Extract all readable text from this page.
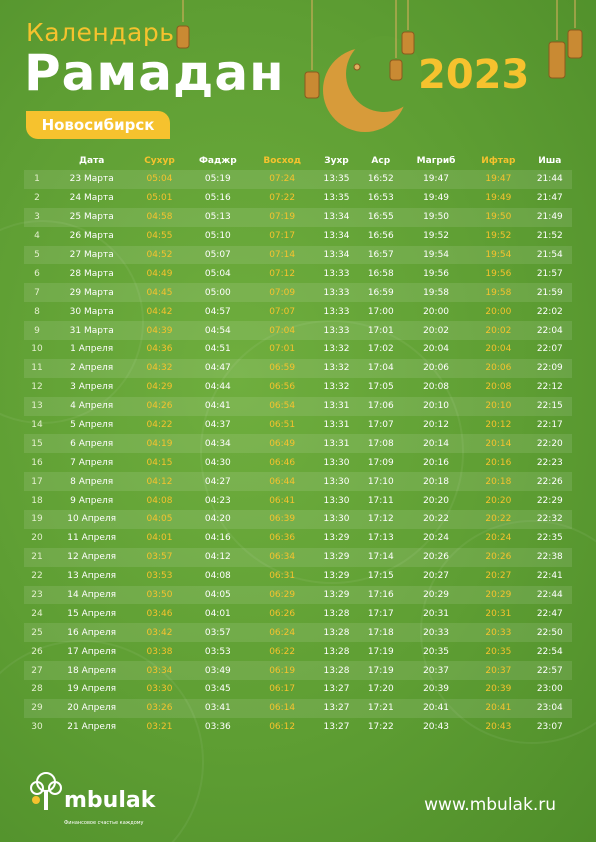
Календарь
Рамадан	2023
Новосибирск
	Дата	Сухур	Фаджр	Восход	Зухр	Аср	Магриб	Ифтар	Иша
1	23 Марта	05:04	05:19	07:24	13:35	16:52	19:47	19:47	21:44
2	24 Марта	05:01	05:16	07:22	13:35	16:53	19:49	19:49	21:47
3	25 Марта	04:58	05:13	07:19	13:34	16:55	19:50	19:50	21:49
4	26 Марта	04:55	05:10	07:17	13:34	16:56	19:52	19:52	21:52
5	27 Марта	04:52	05:07	07:14	13:34	16:57	19:54	19:54	21:54
6	28 Марта	04:49	05:04	07:12	13:33	16:58	19:56	19:56	21:57
7	29 Марта	04:45	05:00	07:09	13:33	16:59	19:58	19:58	21:59
8	30 Марта	04:42	04:57	07:07	13:33	17:00	20:00	20:00	22:02
9	31 Марта	04:39	04:54	07:04	13:33	17:01	20:02	20:02	22:04
10	1 Апреля	04:36	04:51	07:01	13:32	17:02	20:04	20:04	22:07
11	2 Апреля	04:32	04:47	06:59	13:32	17:04	20:06	20:06	22:09
12	3 Апреля	04:29	04:44	06:56	13:32	17:05	20:08	20:08	22:12
13	4 Апреля	04:26	04:41	06:54	13:31	17:06	20:10	20:10	22:15
14	5 Апреля	04:22	04:37	06:51	13:31	17:07	20:12	20:12	22:17
15	6 Апреля	04:19	04:34	06:49	13:31	17:08	20:14	20:14	22:20
16	7 Апреля	04:15	04:30	06:46	13:30	17:09	20:16	20:16	22:23
17	8 Апреля	04:12	04:27	06:44	13:30	17:10	20:18	20:18	22:26
18	9 Апреля	04:08	04:23	06:41	13:30	17:11	20:20	20:20	22:29
19	10 Апреля	04:05	04:20	06:39	13:30	17:12	20:22	20:22	22:32
20	11 Апреля	04:01	04:16	06:36	13:29	17:13	20:24	20:24	22:35
21	12 Апреля	03:57	04:12	06:34	13:29	17:14	20:26	20:26	22:38
22	13 Апреля	03:53	04:08	06:31	13:29	17:15	20:27	20:27	22:41
23	14 Апреля	03:50	04:05	06:29	13:29	17:16	20:29	20:29	22:44
24	15 Апреля	03:46	04:01	06:26	13:28	17:17	20:31	20:31	22:47
25	16 Апреля	03:42	03:57	06:24	13:28	17:18	20:33	20:33	22:50
26	17 Апреля	03:38	03:53	06:22	13:28	17:19	20:35	20:35	22:54
27	18 Апреля	03:34	03:49	06:19	13:28	17:19	20:37	20:37	22:57
28	19 Апреля	03:30	03:45	06:17	13:27	17:20	20:39	20:39	23:00
29	20 Апреля	03:26	03:41	06:14	13:27	17:21	20:41	20:41	23:04
30	21 Апреля	03:21	03:36	06:12	13:27	17:22	20:43	20:43	23:07
mbulak
Финансовое счастье каждому
www.mbulak.ru
